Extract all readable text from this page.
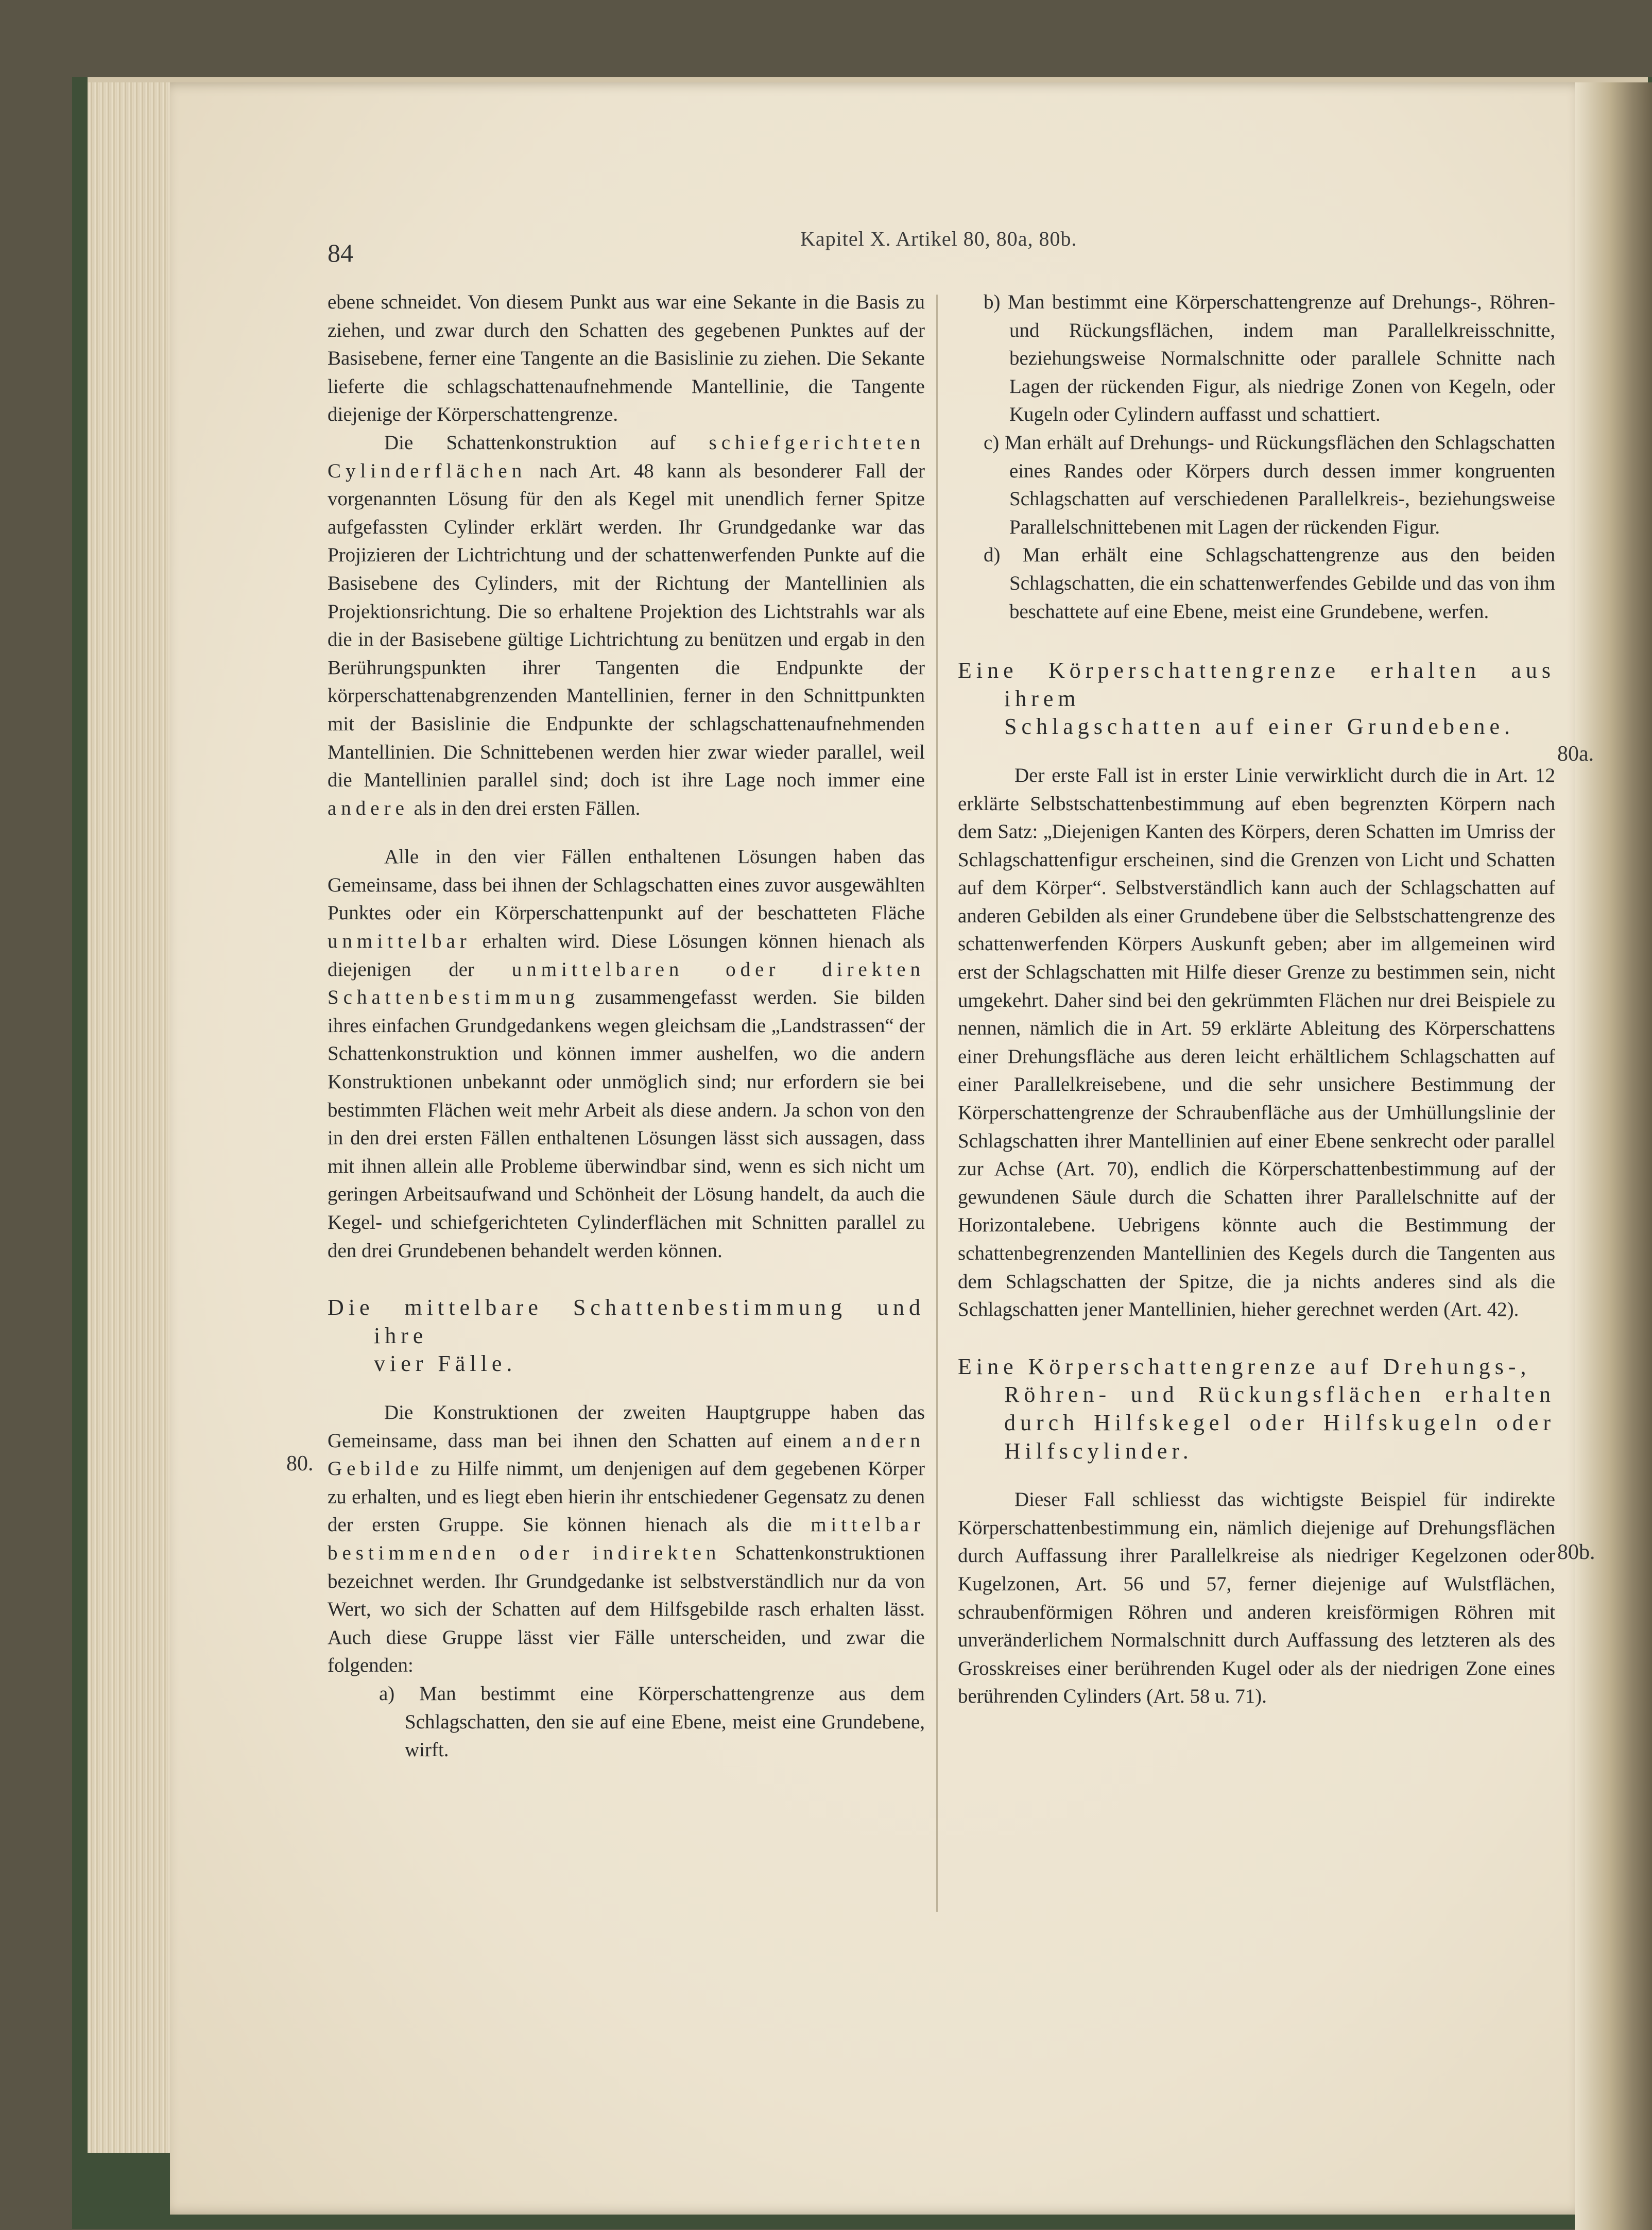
84	Kapitel X. Artikel 80, 80a, 80b.

ebene schneidet. Von diesem Punkt aus war eine Sekante in die Basis zu ziehen, und zwar durch den Schatten des gegebenen Punktes auf der Basisebene, ferner eine Tangente an die Basislinie zu ziehen. Die Sekante lieferte die schlagschattenaufnehmende Mantellinie, die Tangente diejenige der Körperschattengrenze.

Die Schattenkonstruktion auf schiefgerichteten Cylinderflächen nach Art. 48 kann als besonderer Fall der vorgenannten Lösung für den als Kegel mit unendlich ferner Spitze aufgefassten Cylinder erklärt werden. Ihr Grundgedanke war das Projizieren der Lichtrichtung und der schattenwerfenden Punkte auf die Basisebene des Cylinders, mit der Richtung der Mantellinien als Projektionsrichtung. Die so erhaltene Projektion des Lichtstrahls war als die in der Basisebene gültige Lichtrichtung zu benützen und ergab in den Berührungspunkten ihrer Tangenten die Endpunkte der körperschattenabgrenzenden Mantellinien, ferner in den Schnittpunkten mit der Basislinie die Endpunkte der schlagschattenaufnehmenden Mantellinien. Die Schnittebenen werden hier zwar wieder parallel, weil die Mantellinien parallel sind; doch ist ihre Lage noch immer eine andere als in den drei ersten Fällen.

Alle in den vier Fällen enthaltenen Lösungen haben das Gemeinsame, dass bei ihnen der Schlagschatten eines zuvor ausgewählten Punktes oder ein Körperschattenpunkt auf der beschatteten Fläche unmittelbar erhalten wird. Diese Lösungen können hienach als diejenigen der unmittelbaren oder direkten Schattenbestimmung zusammengefasst werden. Sie bilden ihres einfachen Grundgedankens wegen gleichsam die „Landstrassen“ der Schattenkonstruktion und können immer aushelfen, wo die andern Konstruktionen unbekannt oder unmöglich sind; nur erfordern sie bei bestimmten Flächen weit mehr Arbeit als diese andern. Ja schon von den in den drei ersten Fällen enthaltenen Lösungen lässt sich aussagen, dass mit ihnen allein alle Probleme überwindbar sind, wenn es sich nicht um geringen Arbeitsaufwand und Schönheit der Lösung handelt, da auch die Kegel- und schiefgerichteten Cylinderflächen mit Schnitten parallel zu den drei Grundebenen behandelt werden können.

Die mittelbare Schattenbestimmung und ihre
vier Fälle.

Die Konstruktionen der zweiten Hauptgruppe haben das Gemeinsame, dass man bei ihnen den Schatten auf einem andern Gebilde zu Hilfe nimmt, um denjenigen auf dem gegebenen Körper zu erhalten, und es liegt eben hierin ihr entschiedener Gegensatz zu denen der ersten Gruppe. Sie können hienach als die mittelbar bestimmenden oder indirekten Schattenkonstruktionen bezeichnet werden. Ihr Grundgedanke ist selbstverständlich nur da von Wert, wo sich der Schatten auf dem Hilfsgebilde rasch erhalten lässt. Auch diese Gruppe lässt vier Fälle unterscheiden, und zwar die folgenden:

a) Man bestimmt eine Körperschattengrenze aus dem Schlagschatten, den sie auf eine Ebene, meist eine Grundebene, wirft.

80.

b) Man bestimmt eine Körperschattengrenze auf Drehungs-, Röhren- und Rückungsflächen, indem man Parallelkreisschnitte, beziehungsweise Normalschnitte oder parallele Schnitte nach Lagen der rückenden Figur, als niedrige Zonen von Kegeln, oder Kugeln oder Cylindern auffasst und schattiert.

c) Man erhält auf Drehungs- und Rückungsflächen den Schlagschatten eines Randes oder Körpers durch dessen immer kongruenten Schlagschatten auf verschiedenen Parallelkreis-, beziehungsweise Parallelschnittebenen mit Lagen der rückenden Figur.

d) Man erhält eine Schlagschattengrenze aus den beiden Schlagschatten, die ein schattenwerfendes Gebilde und das von ihm beschattete auf eine Ebene, meist eine Grundebene, werfen.

Eine Körperschattengrenze erhalten aus ihrem
Schlagschatten auf einer Grundebene.

Der erste Fall ist in erster Linie verwirklicht durch die in Art. 12 erklärte Selbstschattenbestimmung auf eben begrenzten Körpern nach dem Satz: „Diejenigen Kanten des Körpers, deren Schatten im Umriss der Schlagschattenfigur erscheinen, sind die Grenzen von Licht und Schatten auf dem Körper“. Selbstverständlich kann auch der Schlagschatten auf anderen Gebilden als einer Grundebene über die Selbstschattengrenze des schattenwerfenden Körpers Auskunft geben; aber im allgemeinen wird erst der Schlagschatten mit Hilfe dieser Grenze zu bestimmen sein, nicht umgekehrt. Daher sind bei den gekrümmten Flächen nur drei Beispiele zu nennen, nämlich die in Art. 59 erklärte Ableitung des Körperschattens einer Drehungsfläche aus deren leicht erhältlichem Schlagschatten auf einer Parallelkreisebene, und die sehr unsichere Bestimmung der Körperschattengrenze der Schraubenfläche aus der Umhüllungslinie der Schlagschatten ihrer Mantellinien auf einer Ebene senkrecht oder parallel zur Achse (Art. 70), endlich die Körperschattenbestimmung auf der gewundenen Säule durch die Schatten ihrer Parallelschnitte auf der Horizontalebene. Uebrigens könnte auch die Bestimmung der schattenbegrenzenden Mantellinien des Kegels durch die Tangenten aus dem Schlagschatten der Spitze, die ja nichts anderes sind als die Schlagschatten jener Mantellinien, hieher gerechnet werden (Art. 42).

Eine Körperschattengrenze auf Drehungs-,
Röhren- und Rückungsflächen erhalten durch Hilfskegel oder Hilfskugeln oder Hilfscylinder.

Dieser Fall schliesst das wichtigste Beispiel für indirekte Körperschattenbestimmung ein, nämlich diejenige auf Drehungsflächen durch Auffassung ihrer Parallelkreise als niedriger Kegelzonen oder Kugelzonen, Art. 56 und 57, ferner diejenige auf Wulstflächen, schraubenförmigen Röhren und anderen kreisförmigen Röhren mit unveränderlichem Normalschnitt durch Auffassung des letzteren als des Grosskreises einer berührenden Kugel oder als der niedrigen Zone eines berührenden Cylinders (Art. 58 u. 71).

80a.
80b.
